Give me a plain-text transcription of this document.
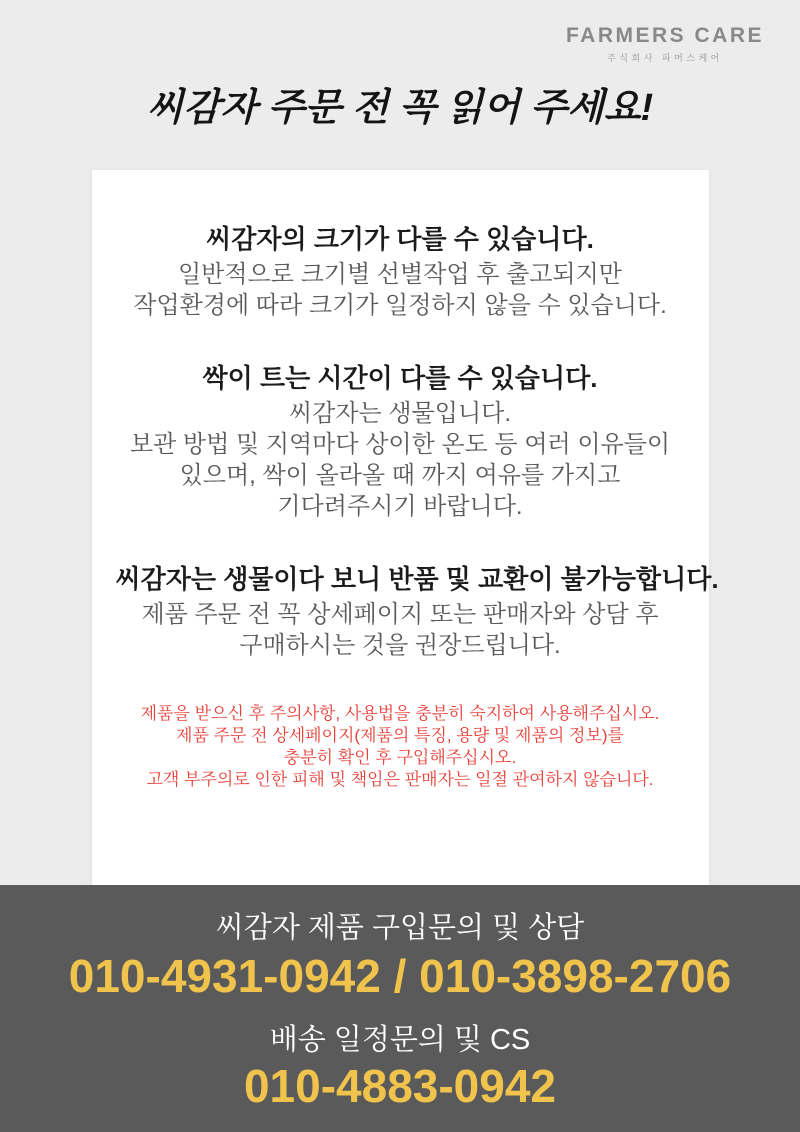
FARMERS CARE
주식회사 파머스케어
씨감자 주문 전 꼭 읽어 주세요!
씨감자의 크기가 다를 수 있습니다.

일반적으로 크기별 선별작업 후 출고되지만

작업환경에 따라 크기가 일정하지 않을 수 있습니다.

싹이 트는 시간이 다를 수 있습니다.

씨감자는 생물입니다.

보관 방법 및 지역마다 상이한 온도 등 여러 이유들이

있으며, 싹이 올라올 때 까지 여유를 가지고

기다려주시기 바랍니다.

씨감자는 생물이다 보니 반품 및 교환이 불가능합니다.

제품 주문 전 꼭 상세페이지 또는 판매자와 상담 후

구매하시는 것을 권장드립니다.

제품을 받으신 후 주의사항, 사용법을 충분히 숙지하여 사용해주십시오.

제품 주문 전 상세페이지(제품의 특징, 용량 및 제품의 정보)를

충분히 확인 후 구입해주십시오.

고객 부주의로 인한 피해 및 책임은 판매자는 일절 관여하지 않습니다.

씨감자 제품 구입문의 및 상담
010-4931-0942 / 010-3898-2706
배송 일정문의 및 CS
010-4883-0942
